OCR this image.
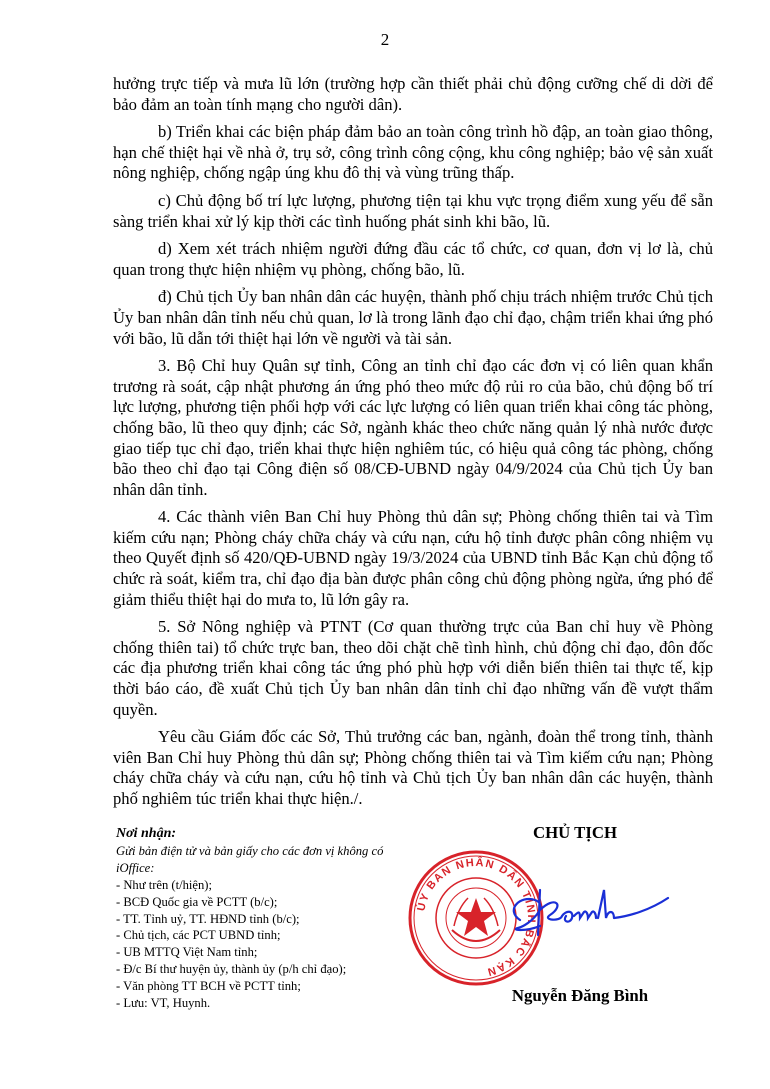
2

hưởng trực tiếp và mưa lũ lớn (trường hợp cần thiết phải chủ động cưỡng chế di dời để bảo đảm an toàn tính mạng cho người dân).

b) Triển khai các biện pháp đảm bảo an toàn công trình hồ đập, an toàn giao thông, hạn chế thiệt hại về nhà ở, trụ sở, công trình công cộng, khu công nghiệp; bảo vệ sản xuất nông nghiệp, chống ngập úng khu đô thị và vùng trũng thấp.

c) Chủ động bố trí lực lượng, phương tiện tại khu vực trọng điểm xung yếu để sẵn sàng triển khai xử lý kịp thời các tình huống phát sinh khi bão, lũ.

d) Xem xét trách nhiệm người đứng đầu các tổ chức, cơ quan, đơn vị lơ là, chủ quan trong thực hiện nhiệm vụ phòng, chống bão, lũ.

đ) Chủ tịch Ủy ban nhân dân các huyện, thành phố chịu trách nhiệm trước Chủ tịch Ủy ban nhân dân tỉnh nếu chủ quan, lơ là trong lãnh đạo chỉ đạo, chậm triển khai ứng phó với bão, lũ dẫn tới thiệt hại lớn về người và tài sản.

3. Bộ Chỉ huy Quân sự tỉnh, Công an tỉnh chỉ đạo các đơn vị có liên quan khẩn trương rà soát, cập nhật phương án ứng phó theo mức độ rủi ro của bão, chủ động bố trí lực lượng, phương tiện phối hợp với các lực lượng có liên quan triển khai công tác phòng, chống bão, lũ theo quy định; các Sở, ngành khác theo chức năng quản lý nhà nước được giao tiếp tục chỉ đạo, triển khai thực hiện nghiêm túc, có hiệu quả công tác phòng, chống bão theo chỉ đạo tại Công điện số 08/CĐ-UBND ngày 04/9/2024 của Chủ tịch Ủy ban nhân dân tỉnh.

4. Các thành viên Ban Chỉ huy Phòng thủ dân sự; Phòng chống thiên tai và Tìm kiếm cứu nạn; Phòng cháy chữa cháy và cứu nạn, cứu hộ tỉnh được phân công nhiệm vụ theo Quyết định số 420/QĐ-UBND ngày 19/3/2024 của UBND tỉnh Bắc Kạn chủ động tổ chức rà soát, kiểm tra, chỉ đạo địa bàn được phân công chủ động phòng ngừa, ứng phó để giảm thiểu thiệt hại do mưa to, lũ lớn gây ra.

5. Sở Nông nghiệp và PTNT (Cơ quan thường trực của Ban chỉ huy về Phòng chống thiên tai) tổ chức trực ban, theo dõi chặt chẽ tình hình, chủ động chỉ đạo, đôn đốc các địa phương triển khai công tác ứng phó phù hợp với diễn biến thiên tai thực tế, kịp thời báo cáo, đề xuất Chủ tịch Ủy ban nhân dân tỉnh chỉ đạo những vấn đề vượt thẩm quyền.

Yêu cầu Giám đốc các Sở, Thủ trưởng các ban, ngành, đoàn thể trong tỉnh, thành viên Ban Chỉ huy Phòng thủ dân sự; Phòng chống thiên tai và Tìm kiếm cứu nạn; Phòng cháy chữa cháy và cứu nạn, cứu hộ tỉnh và Chủ tịch Ủy ban nhân dân các huyện, thành phố nghiêm túc triển khai thực hiện./.

Nơi nhận:
Gửi bản điện tử và bản giấy cho các đơn vị không có iOffice:
- Như trên (t/hiện);
- BCĐ Quốc gia về PCTT (b/c);
- TT. Tỉnh uỷ, TT. HĐND tỉnh (b/c);
- Chủ tịch, các PCT UBND tỉnh;
- UB MTTQ Việt Nam tỉnh;
- Đ/c Bí thư huyện ủy, thành ủy (p/h chỉ đạo);
- Văn phòng TT BCH về PCTT tỉnh;
- Lưu: VT, Huynh.
CHỦ TỊCH
ỦY BAN NHÂN DÂN TỈNH BẮC KẠN
Nguyễn Đăng Bình
